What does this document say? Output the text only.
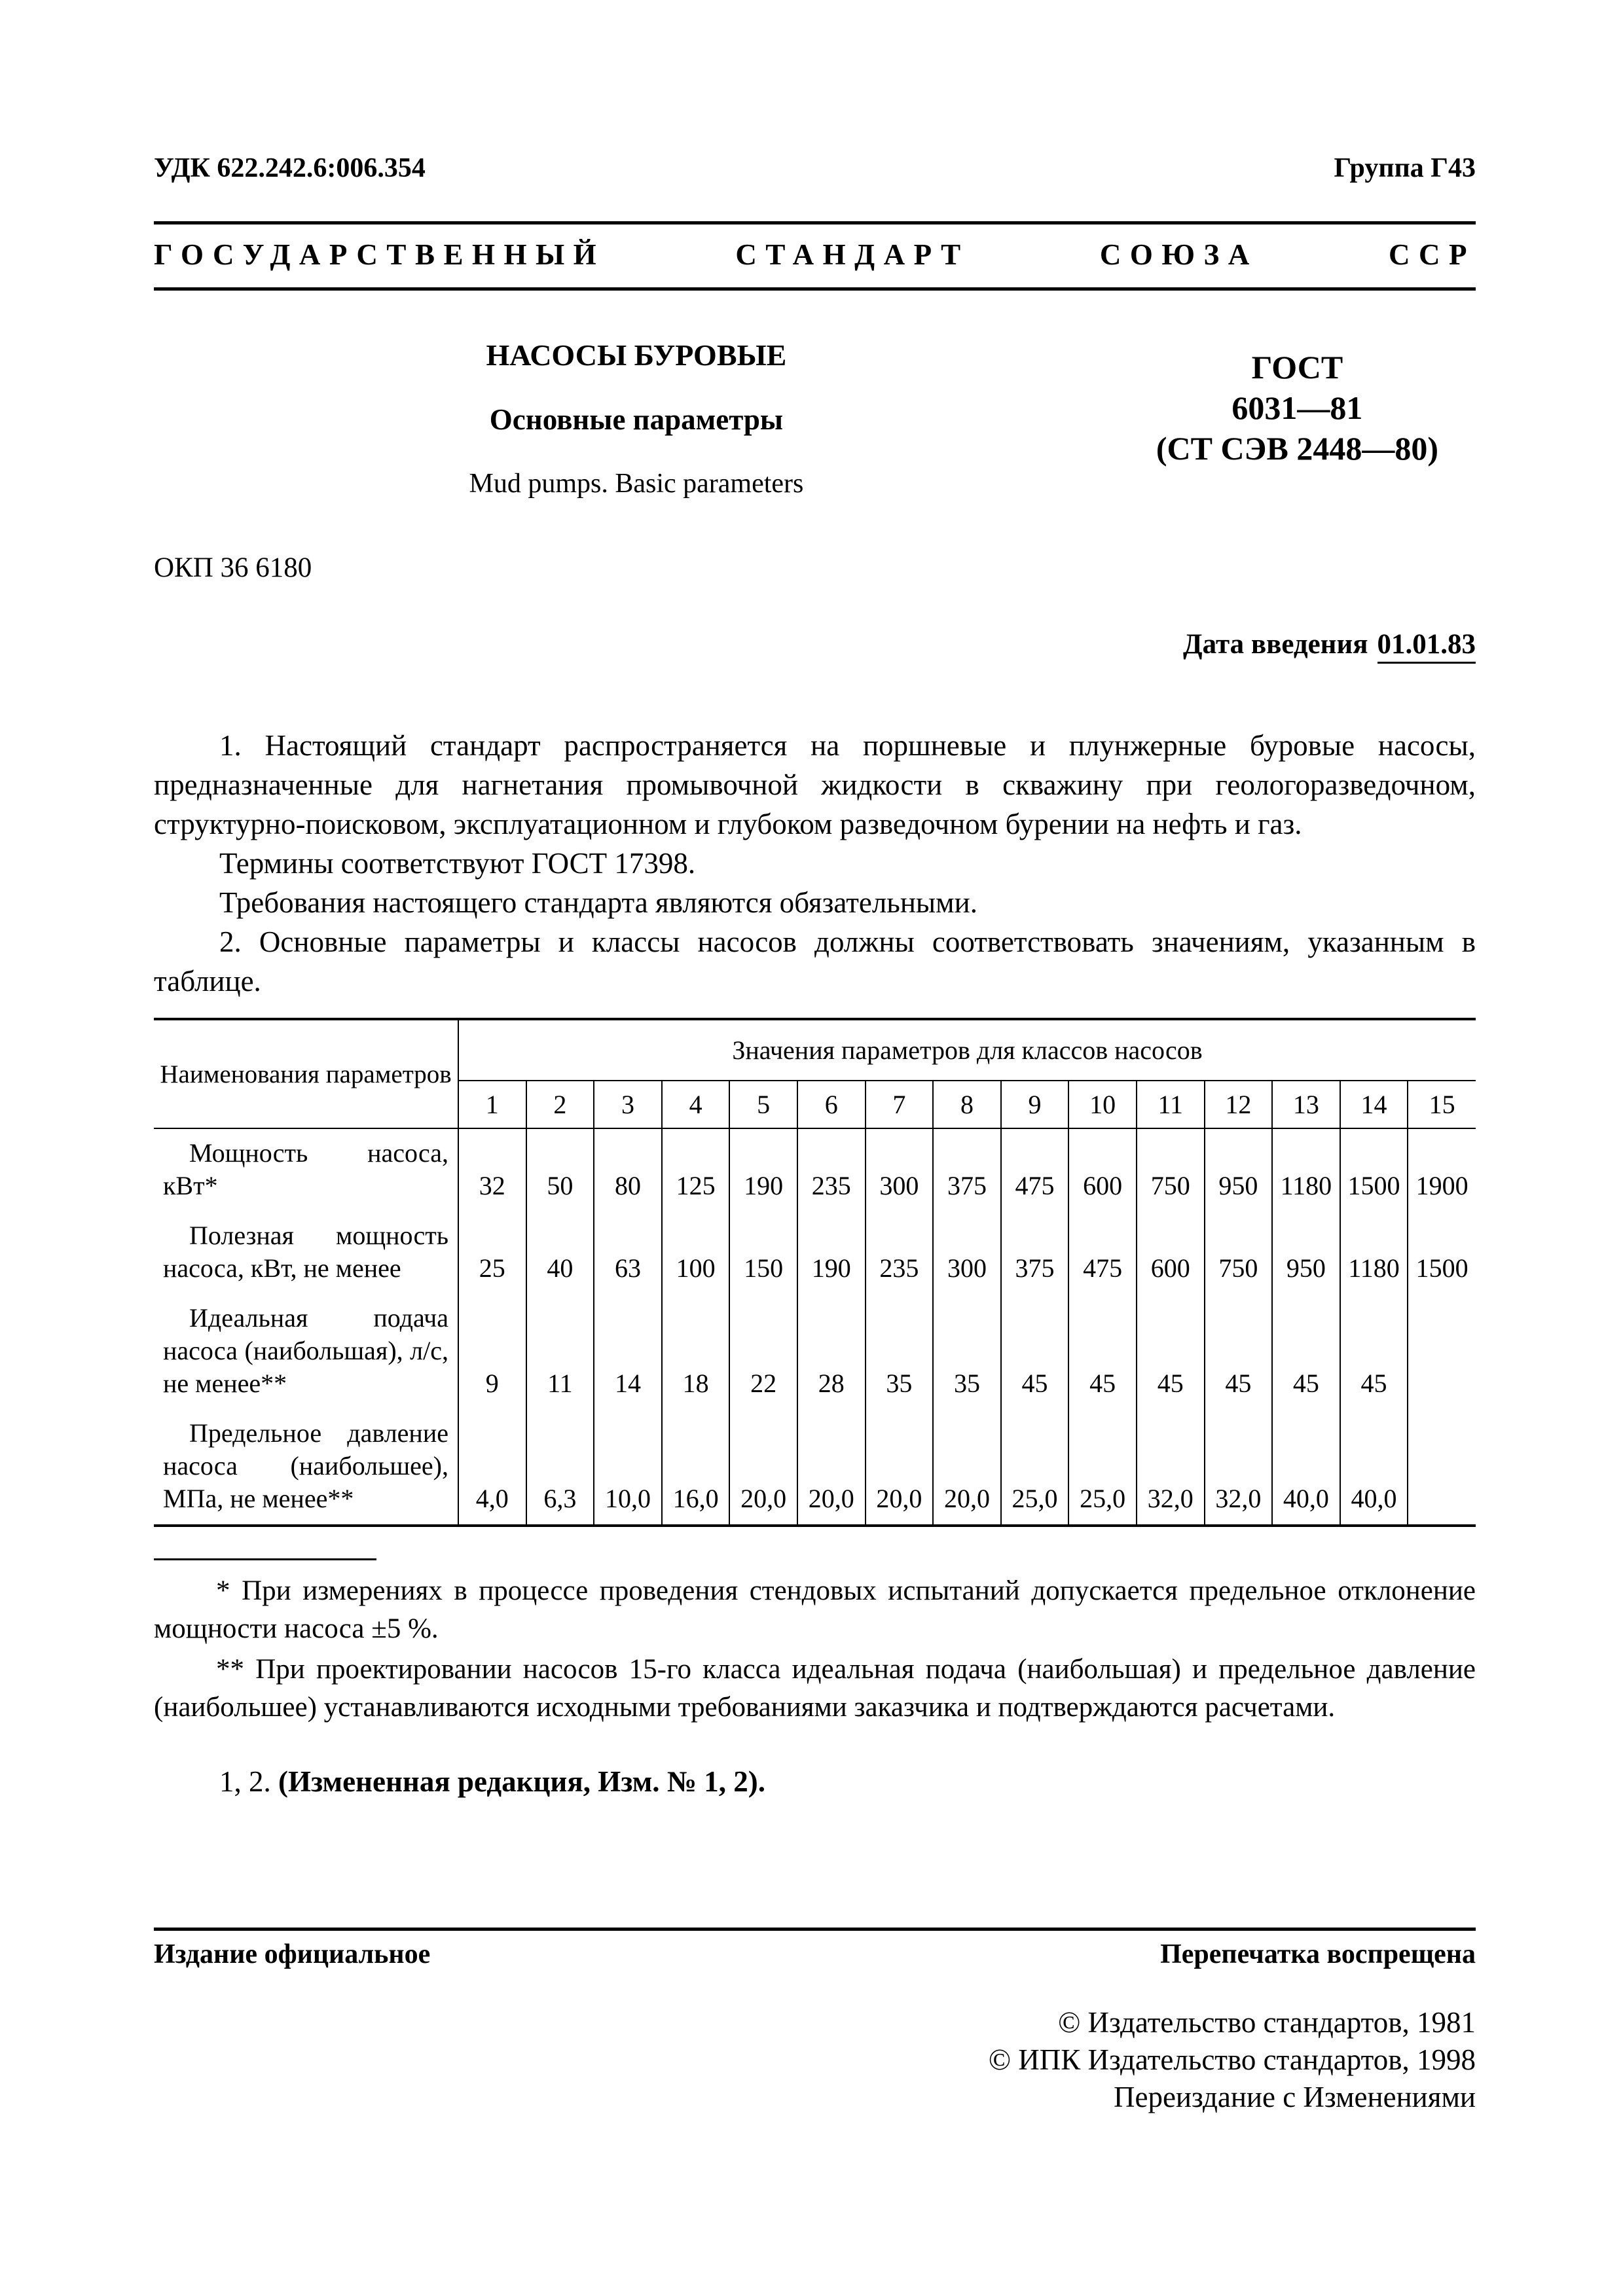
УДК 622.242.6:006.354	Группа Г43
ГОСУДАРСТВЕННЫЙ СТАНДАРТ СОЮЗА ССР
НАСОСЫ БУРОВЫЕ
Основные параметры
Mud pumps. Basic parameters
ГОСТ
6031—81
(СТ СЭВ 2448—80)
ОКП 36 6180
Дата введения 01.01.83

1. Настоящий стандарт распространяется на поршневые и плунжерные буровые насосы, предназначенные для нагнетания промывочной жидкости в скважину при геологоразведочном, структурно-поисковом, эксплуатационном и глубоком разведочном бурении на нефть и газ.

Термины соответствуют ГОСТ 17398.

Требования настоящего стандарта являются обязательными.

2. Основные параметры и классы насосов должны соответствовать значениям, указанным в таблице.

Наименования параметров	Значения параметров для классов насосов														
	1	2	3	4	5	6	7	8	9	10	11	12	13	14	15
Мощность насоса, кВт*	32	50	80	125	190	235	300	375	475	600	750	950	1180	1500	1900
Полезная мощность насоса, кВт, не менее	25	40	63	100	150	190	235	300	375	475	600	750	950	1180	1500
Идеальная подача насоса (наибольшая), л/с, не менее**	9	11	14	18	22	28	35	35	45	45	45	45	45	45	
Предельное давление насоса (наибольшее), МПа, не менее**	4,0	6,3	10,0	16,0	20,0	20,0	20,0	20,0	25,0	25,0	32,0	32,0	40,0	40,0	

* При измерениях в процессе проведения стендовых испытаний допускается предельное отклонение мощности насоса ±5 %.

** При проектировании насосов 15-го класса идеальная подача (наибольшая) и предельное давление (наибольшее) устанавливаются исходными требованиями заказчика и подтверждаются расчетами.

1, 2. (Измененная редакция, Изм. № 1, 2).

Издание официальное	Перепечатка воспрещена
© Издательство стандартов, 1981
© ИПК Издательство стандартов, 1998
Переиздание с Изменениями
